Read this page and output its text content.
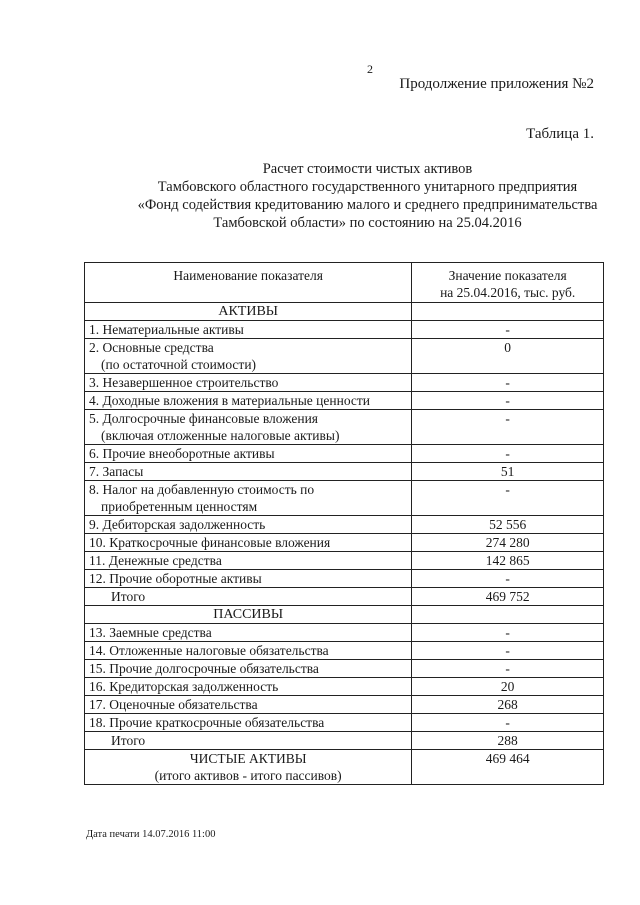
2
Продолжение приложения №2
Таблица 1.
Расчет стоимости чистых активов
Тамбовского областного государственного унитарного предприятия
«Фонд содействия кредитованию малого и среднего предпринимательства
Тамбовской области» по состоянию на 25.04.2016
Наименование показателя	Значение показателя
на 25.04.2016, тыс. руб.

АКТИВЫ	
1. Нематериальные активы	-
2. Основные средства
(по остаточной стоимости)	0
3. Незавершенное строительство	-
4. Доходные вложения в материальные ценности	-
5. Долгосрочные финансовые вложения
(включая отложенные налоговые активы)	-
6. Прочие внеоборотные активы	-
7. Запасы	51
8. Налог на добавленную стоимость по
приобретенным ценностям	-
9. Дебиторская задолженность	52 556
10. Краткосрочные финансовые вложения	274 280
11. Денежные средства	142 865
12. Прочие оборотные активы	-
Итого	469 752
ПАССИВЫ	
13. Заемные средства	-
14. Отложенные налоговые обязательства	-
15. Прочие долгосрочные обязательства	-
16. Кредиторская задолженность	20
17. Оценочные обязательства	268
18. Прочие краткосрочные обязательства	-
Итого	288

ЧИСТЫЕ АКТИВЫ
(итого активов - итого пассивов)	469 464
Дата печати 14.07.2016 11:00
